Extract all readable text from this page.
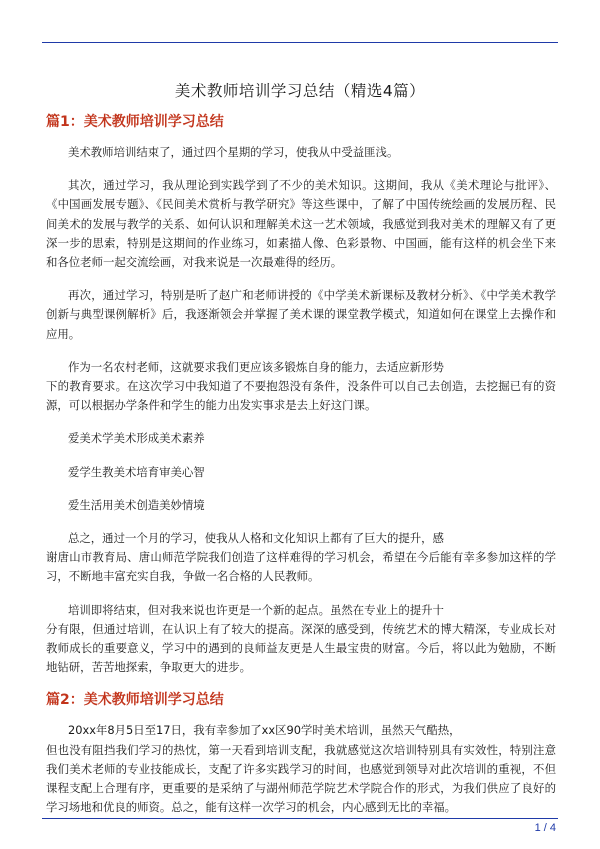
美术教师培训学习总结（精选4篇）
篇1：美术教师培训学习总结

美术教师培训结束了，通过四个星期的学习，使我从中受益匪浅。

其次，通过学习，我从理论到实践学到了不少的美术知识。这期间，我从《美术理论与批评》、《中国画发展专题》、《民间美术赏析与教学研究》等这些课中，了解了中国传统绘画的发展历程、民间美术的发展与教学的关系、如何认识和理解美术这一艺术领域，我感觉到我对美术的理解又有了更深一步的思索，特别是这期间的作业练习，如素描人像、色彩景物、中国画，能有这样的机会坐下来和各位老师一起交流绘画，对我来说是一次最难得的经历。

再次，通过学习，特别是听了赵广和老师讲授的《中学美术新课标及教材分析》、《中学美术教学创新与典型课例解析》后，我逐渐领会并掌握了美术课的课堂教学模式，知道如何在课堂上去操作和应用。

作为一名农村老师，这就要求我们更应该多锻炼自身的能力，去适应新形势

下的教育要求。在这次学习中我知道了不要抱怨没有条件，没条件可以自己去创造，去挖掘已有的资源，可以根据办学条件和学生的能力出发实事求是去上好这门课。

爱美术学美术形成美术素养

爱学生教美术培育审美心智

爱生活用美术创造美妙情境

总之，通过一个月的学习，使我从人格和文化知识上都有了巨大的提升，感

谢唐山市教育局、唐山师范学院我们创造了这样难得的学习机会，希望在今后能有幸多参加这样的学习，不断地丰富充实自我，争做一名合格的人民教师。

培训即将结束，但对我来说也许更是一个新的起点。虽然在专业上的提升十

分有限，但通过培训，在认识上有了较大的提高。深深的感受到，传统艺术的博大精深，专业成长对教师成长的重要意义，学习中的遇到的良师益友更是人生最宝贵的财富。今后，将以此为勉励，不断地钻研，苦苦地探索，争取更大的进步。

篇2：美术教师培训学习总结

20xx年8月5日至17日，我有幸参加了xx区90学时美术培训，虽然天气酷热，

但也没有阻挡我们学习的热忱，第一天看到培训支配，我就感觉这次培训特别具有实效性，特别注意我们美术老师的专业技能成长，支配了许多实践学习的时间，也感觉到领导对此次培训的重视，不但课程支配上合理有序，更重要的是采纳了与湖州师范学院艺术学院合作的形式，为我们供应了良好的学习场地和优良的师资。总之，能有这样一次学习的机会，内心感到无比的幸福。

1 / 4
